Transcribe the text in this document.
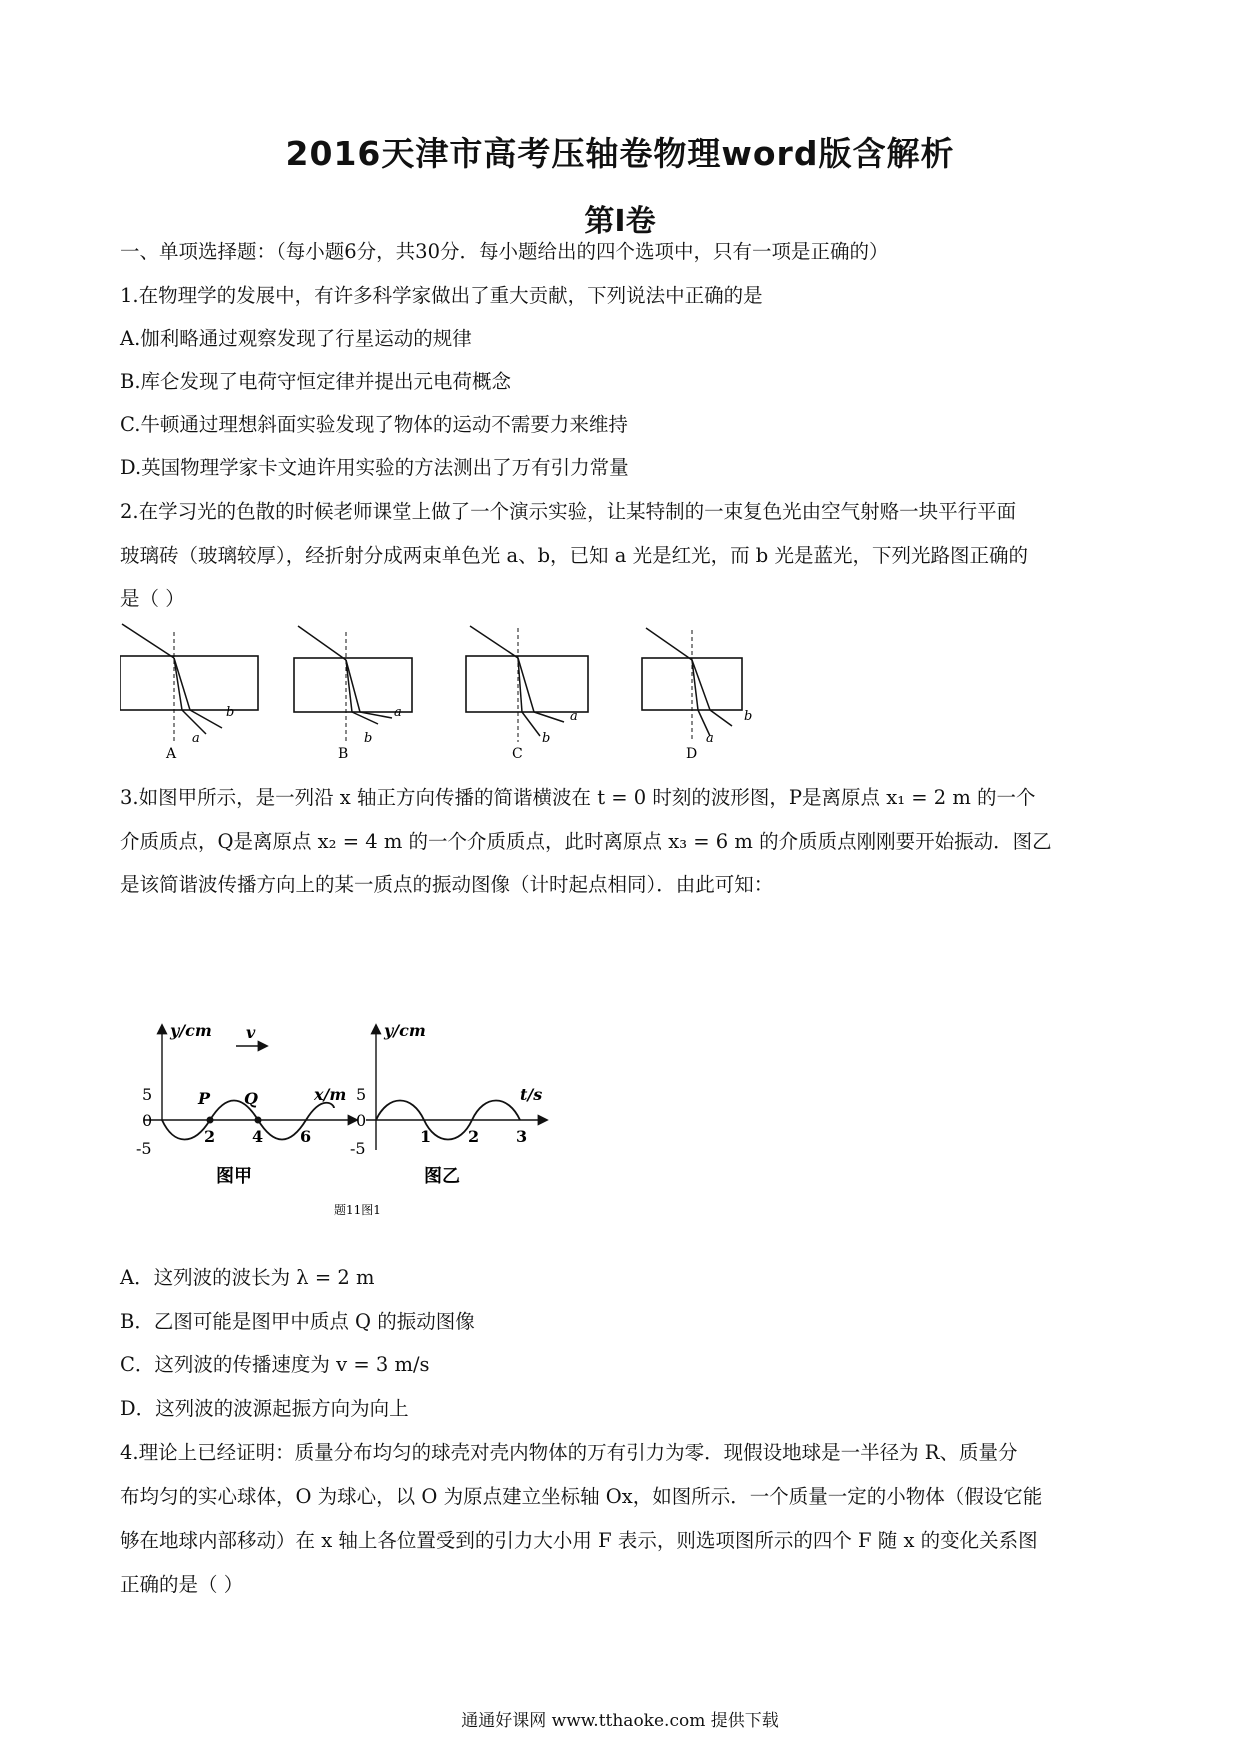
2016天津市高考压轴卷物理word版含解析
第Ⅰ卷
一、单项选择题：（每小题6分，共30分．每小题给出的四个选项中，只有一项是正确的）
1.在物理学的发展中，有许多科学家做出了重大贡献，下列说法中正确的是
A.伽利略通过观察发现了行星运动的规律
B.库仑发现了电荷守恒定律并提出元电荷概念
C.牛顿通过理想斜面实验发现了物体的运动不需要力来维持
D.英国物理学家卡文迪许用实验的方法测出了万有引力常量
2.在学习光的色散的时候老师课堂上做了一个演示实验，让某特制的一束复色光由空气射赂一块平行平面
玻璃砖（玻璃较厚），经折射分成两束单色光 a、b，已知 a 光是红光，而 b 光是蓝光，下列光路图正确的
是（ ）
a
b
A
b
a
B
b
a
C
a
b
D
3.如图甲所示，是一列沿 x 轴正方向传播的简谐横波在 t = 0 时刻的波形图，P是离原点 x₁ = 2 m 的一个
介质质点，Q是离原点 x₂ = 4 m 的一个介质质点，此时离原点 x₃ = 6 m 的介质质点刚刚要开始振动．图乙
是该简谐波传播方向上的某一质点的振动图像（计时起点相同）．由此可知：
y/cm
x/m
5
0
-5
P Q
2 4 6
v
图甲
y/cm
t/s
5
0
-5
1 2 3
图乙
题11图1
A．这列波的波长为 λ = 2 m
B．乙图可能是图甲中质点 Q 的振动图像
C．这列波的传播速度为 v = 3 m/s
D．这列波的波源起振方向为向上
4.理论上已经证明：质量分布均匀的球壳对壳内物体的万有引力为零．现假设地球是一半径为 R、质量分
布均匀的实心球体，O 为球心，以 O 为原点建立坐标轴 Ox，如图所示．一个质量一定的小物体（假设它能
够在地球内部移动）在 x 轴上各位置受到的引力大小用 F 表示，则选项图所示的四个 F 随 x 的变化关系图
正确的是（ ）
通通好课网 www.tthaoke.com 提供下载
